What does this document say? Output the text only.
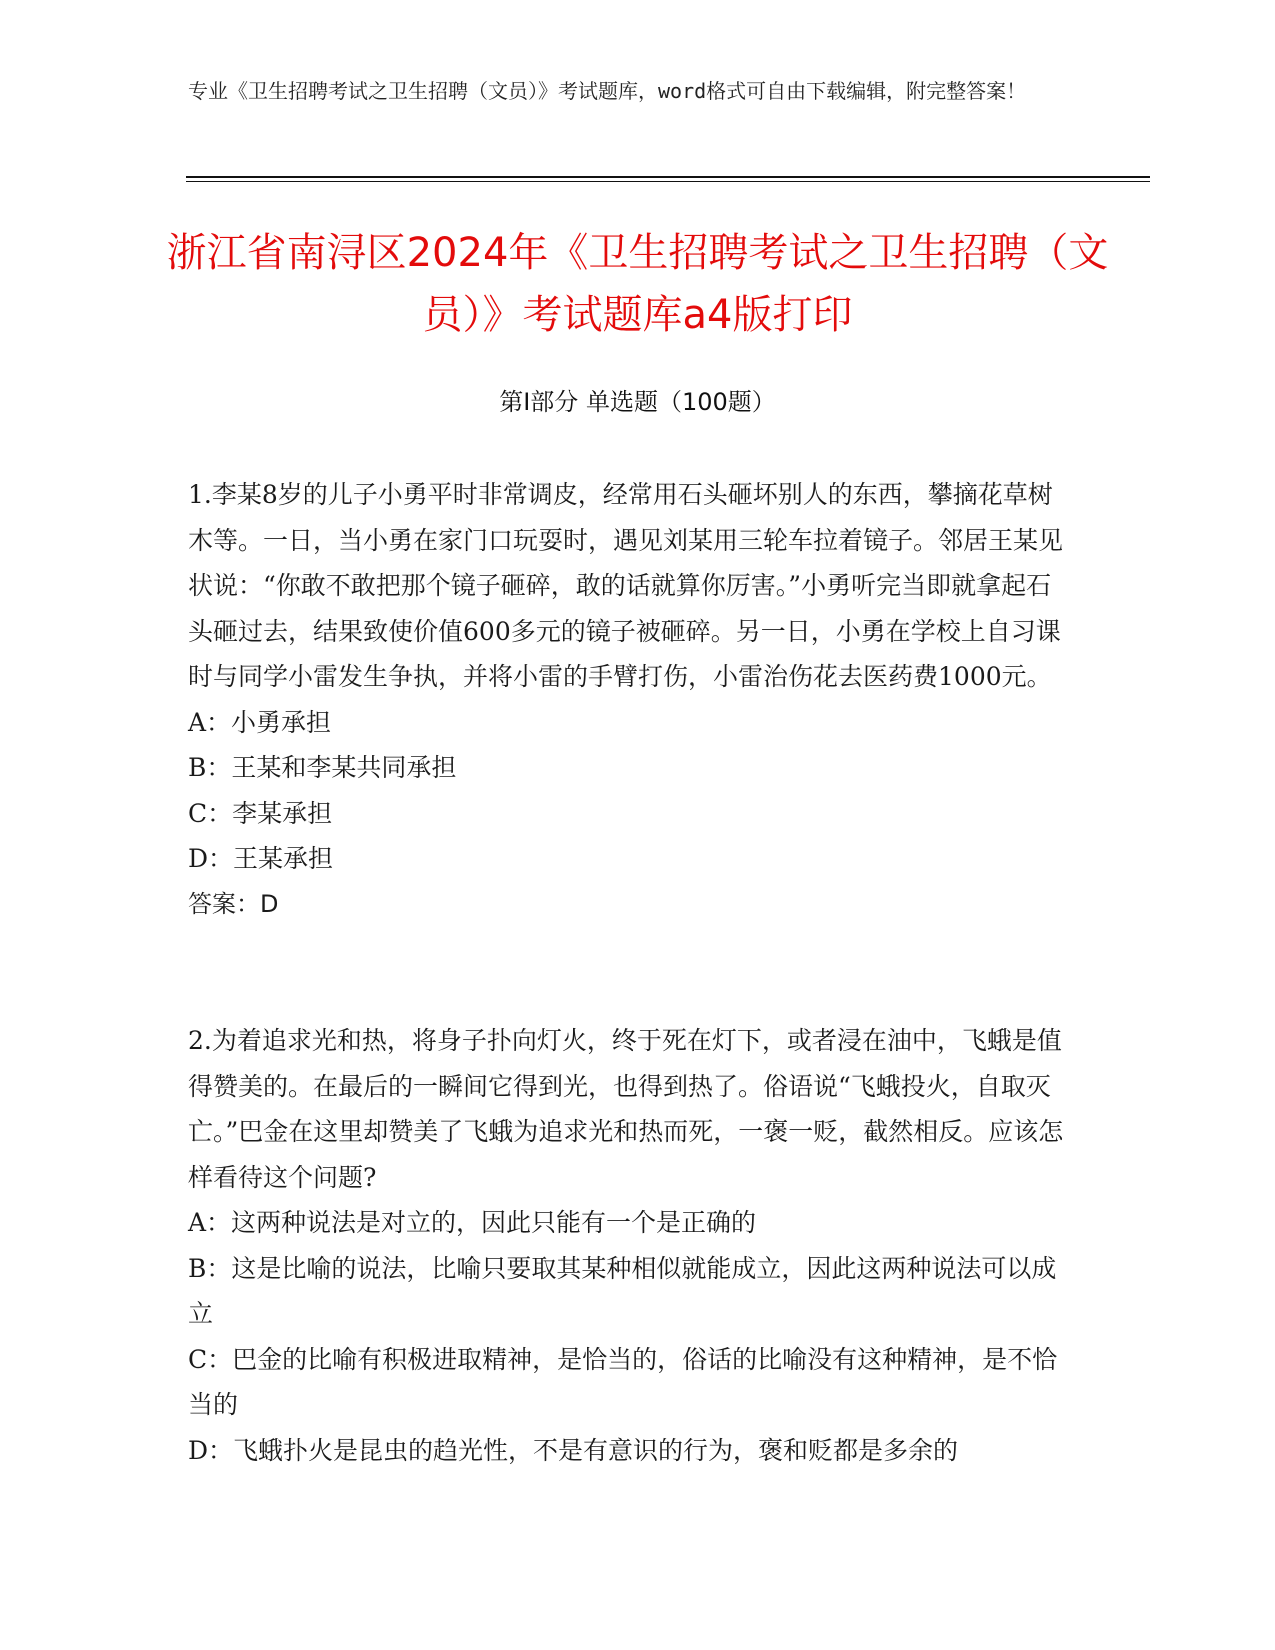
专业《卫生招聘考试之卫生招聘（文员）》考试题库，word格式可自由下载编辑，附完整答案！

浙江省南浔区2024年《卫生招聘考试之卫生招聘（文员）》考试题库a4版打印
第Ⅰ部分 单选题（100题）

1.李某8岁的儿子小勇平时非常调皮，经常用石头砸坏别人的东西，攀摘花草树木等。一日，当小勇在家门口玩耍时，遇见刘某用三轮车拉着镜子。邻居王某见状说：“你敢不敢把那个镜子砸碎，敢的话就算你厉害。”小勇听完当即就拿起石头砸过去，结果致使价值600多元的镜子被砸碎。另一日，小勇在学校上自习课时与同学小雷发生争执，并将小雷的手臂打伤，小雷治伤花去医药费1000元。

A：小勇承担

B：王某和李某共同承担

C：李某承担

D：王某承担

答案：D

2.为着追求光和热，将身子扑向灯火，终于死在灯下，或者浸在油中，飞蛾是值得赞美的。在最后的一瞬间它得到光，也得到热了。俗语说“飞蛾投火，自取灭亡。”巴金在这里却赞美了飞蛾为追求光和热而死，一褒一贬，截然相反。应该怎样看待这个问题?

A：这两种说法是对立的，因此只能有一个是正确的

B：这是比喻的说法，比喻只要取其某种相似就能成立，因此这两种说法可以成立

C：巴金的比喻有积极进取精神，是恰当的，俗话的比喻没有这种精神，是不恰当的

D：飞蛾扑火是昆虫的趋光性，不是有意识的行为，褒和贬都是多余的
